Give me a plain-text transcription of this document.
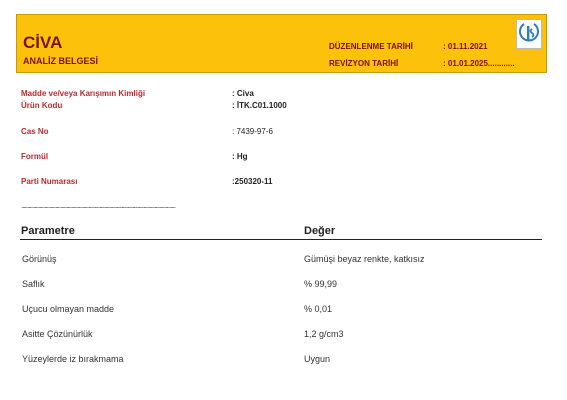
CİVA
ANALİZ BELGESİ
DÜZENLENME TARİHİ	: 01.11.2021
REVİZYON TARİHİ	: 01.01.2025............
Madde ve/veya Karışımın Kimliği	: Civa
Ürün Kodu	: İTK.C01.1000
Cas No	: 7439-97-6
Formül	: Hg
Parti Numarası	:250320-11
..............................................................................................................................
Parametre	Değer
Görünüş	Gümüşi beyaz renkte, katkısız
Saflık	% 99,99
Uçucu olmayan madde	% 0,01
Asitte Çözünürlük	1,2 g/cm3
Yüzeylerde iz bırakmama	Uygun
